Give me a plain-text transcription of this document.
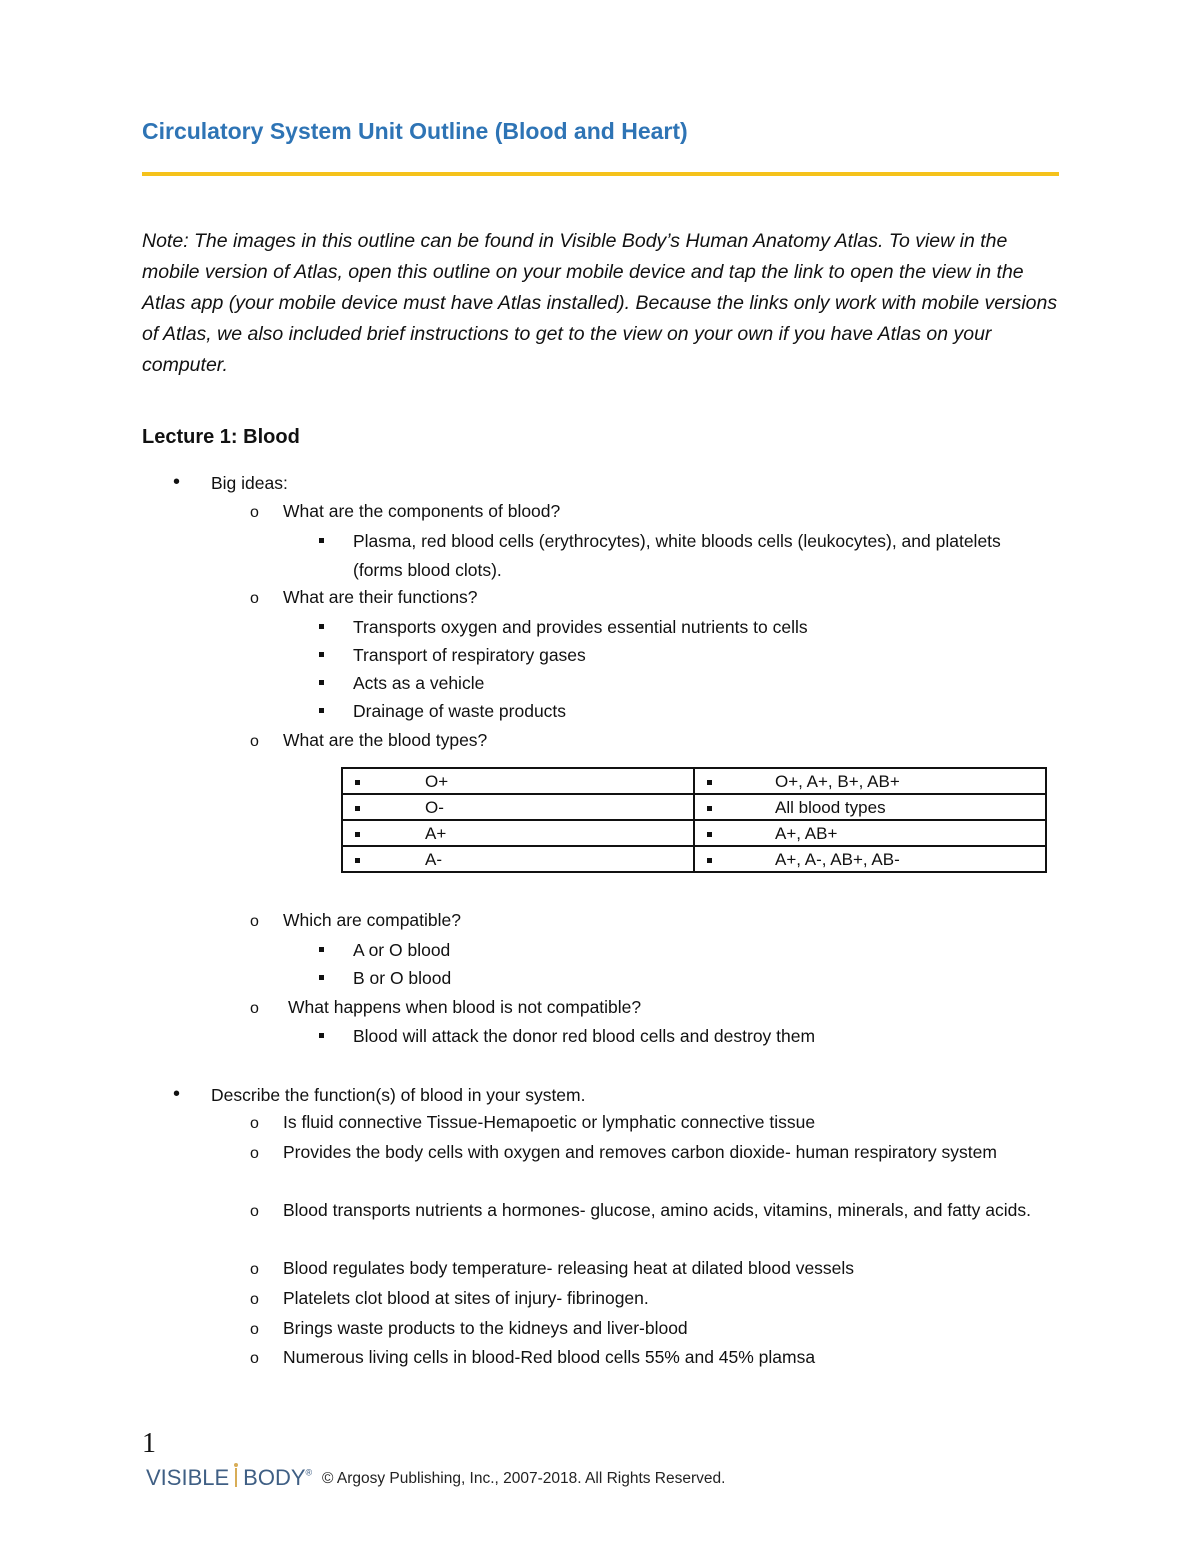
Circulatory System Unit Outline (Blood and Heart)
Note: The images in this outline can be found in Visible Body’s Human Anatomy Atlas. To view in the mobile version of Atlas, open this outline on your mobile device and tap the link to open the view in the Atlas app (your mobile device must have Atlas installed). Because the links only work with mobile versions of Atlas, we also included brief instructions to get to the view on your own if you have Atlas on your computer.
Lecture 1: Blood
• Big ideas:
o What are the components of blood?
Plasma, red blood cells (erythrocytes), white bloods cells (leukocytes), and platelets (forms blood clots).
o What are their functions?
Transports oxygen and provides essential nutrients to cells
Transport of respiratory gases
Acts as a vehicle
Drainage of waste products
o What are the blood types?
O+	O+, A+, B+, AB+

O-	All blood types

A+	A+, AB+

A-	A+, A-, AB+, AB-
o Which are compatible?
A or O blood
B or O blood
o What happens when blood is not compatible?
Blood will attack the donor red blood cells and destroy them
• Describe the function(s) of blood in your system.
o Is fluid connective Tissue-Hemapoetic or lymphatic connective tissue
o Provides the body cells with oxygen and removes carbon dioxide- human respiratory system
o Blood transports nutrients a hormones- glucose, amino acids, vitamins, minerals, and fatty acids.
o Blood regulates body temperature- releasing heat at dilated blood vessels
o Platelets clot blood at sites of injury- fibrinogen.
o Brings waste products to the kidneys and liver-blood
o Numerous living cells in blood-Red blood cells 55% and 45% plamsa
1
VISIBLE BODY® © Argosy Publishing, Inc., 2007-2018. All Rights Reserved.
